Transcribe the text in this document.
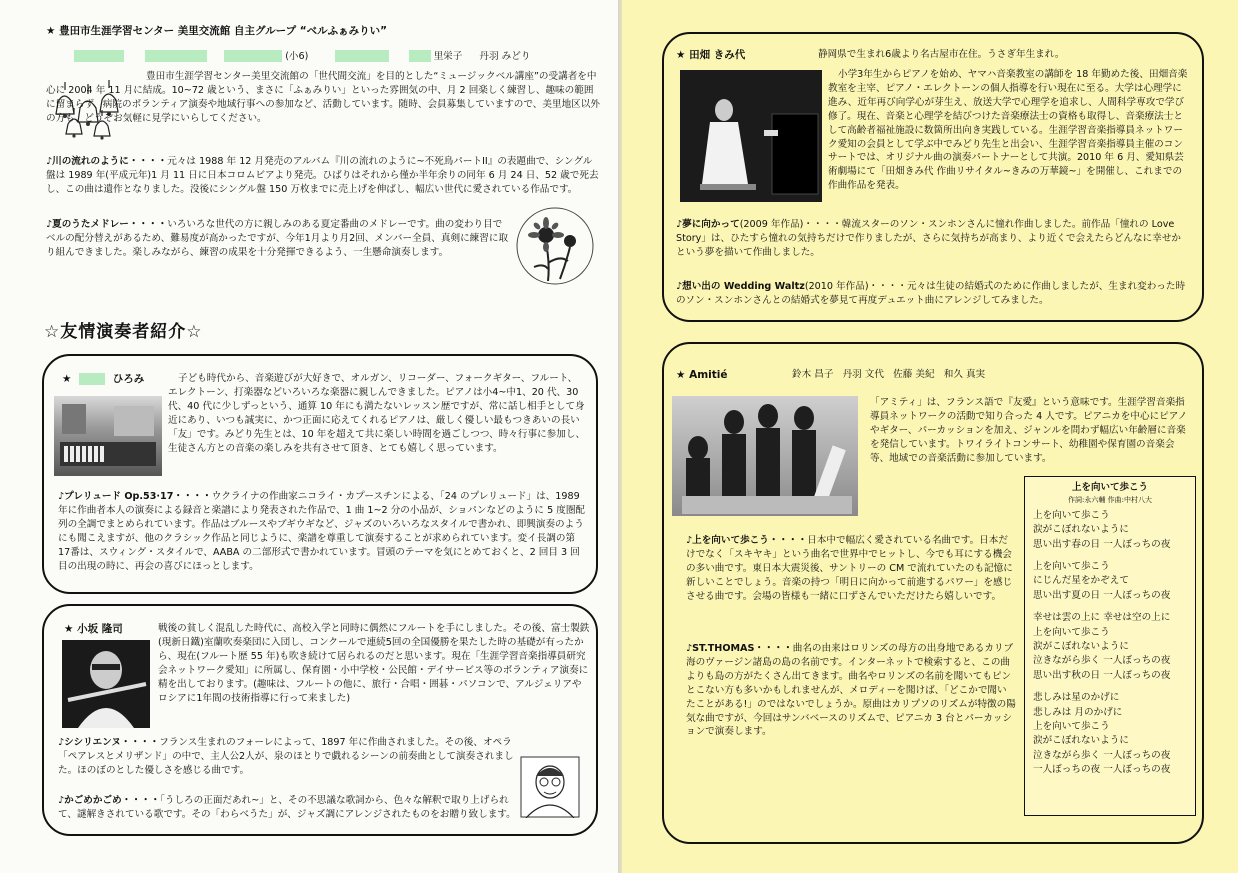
★ 豊田市生涯学習センター 美里交流館 自主グループ “ベルふぁみりい”
(小6)	里栄子 丹羽 みどり
豊田市生涯学習センター美里交流館の「世代間交流」を目的とした“ミュージックベル講座”の受講者を中心に 2004 年 11 月に結成。10~72 歳という、まさに「ふぁみりい」といった雰囲気の中、月 2 回楽しく練習し、趣味の範囲に留まらず、病院のボランティア演奏や地域行事への参加など、活動しています。随時、会員募集していますので、美里地区以外の方も、どうぞお気軽に見学にいらしてください。
♪川の流れのように・・・・元々は 1988 年 12 月発売のアルバム『川の流れのように~不死鳥パートII』の表題曲で、シングル盤は 1989 年(平成元年)1 月 11 日に日本コロムビアより発売。ひばりはそれから僅か半年余りの同年 6 月 24 日、52 歳で死去し、この曲は遺作となりました。没後にシングル盤 150 万枚までに売上げを伸ばし、幅広い世代に愛されている作品です。
♪夏のうたメドレー・・・・いろいろな世代の方に親しみのある夏定番曲のメドレーです。曲の変わり目でベルの配分替えがあるため、難易度が高かったですが、今年1月より月2回、メンバー全員、真剣に練習に取り組んできました。楽しみながら、練習の成果を十分発揮できるよう、一生懸命演奏します。
☆友情演奏者紹介☆
★	ひろみ	子ども時代から、音楽遊びが大好きで、オルガン、リコーダー、フォークギター、フルート、エレクトーン、打楽器などいろいろな楽器に親しんできました。ピアノは小4~中1、20 代、30 代、40 代に少しずっという、通算 10 年にも満たないレッスン歴ですが、常に話し相手として身近にあり、いつも誠実に、かつ正面に応えてくれるピアノは、厳しく優しい最もつきあいの長い「友」です。みどり先生とは、10 年を超えて共に楽しい時間を過ごしつつ、時々行事に参加し、生徒さん方との音楽の楽しみを共有させて頂き、とても嬉しく思っています。
♪プレリュード Op.53·17・・・・ウクライナの作曲家ニコライ・カプースチンによる、「24 のプレリュード」は、1989 年に作曲者本人の演奏による録音と楽譜により発表された作品で、1 曲 1~2 分の小品が、ショパンなどのように 5 度圏配列の全調でまとめられています。作品はブルースやブギウギなど、ジャズのいろいろなスタイルで書かれ、即興演奏のようにも聞こえますが、他のクラシック作品と同じように、楽譜を尊重して演奏することが求められています。変イ長調の第17番は、スウィング・スタイルで、AABA の二部形式で書かれています。冒頭のテーマを気にとめておくと、2 回目 3 回目の出現の時に、再会の喜びにほっとします。
★ 小坂 隆司	戦後の貧しく混乱した時代に、高校入学と同時に偶然にフルートを手にしました。その後、富士製鉄(現新日鐵)室蘭吹奏楽団に入団し、コンクールで連続5回の全国優勝を果たした時の基礎が有ったから、現在(フルート歴 55 年)も吹き続けて居られるのだと思います。現在「生涯学習音楽指導員研究会ネットワーク愛知」に所属し、保育園・小中学校・公民館・デイサービス等のボランティア演奏に精を出しております。(趣味は、フルートの他に、旅行・合唱・囲碁・パソコンで、アルジェリアやロシアに1年間の技術指導に行って来ました)
♪シシリエンヌ・・・・フランス生まれのフォーレによって、1897 年に作曲されました。その後、オペラ「ペアレスとメリザンド」の中で、主人公2人が、泉のほとりで戯れるシーンの前奏曲として演奏されました。ほのぼのとした優しさを感じる曲です。
♪かごめかごめ・・・・「うしろの正面だあれ~」と、その不思議な歌詞から、色々な解釈で取り上げられて、謎解きされている歌です。その「わらべうた」が、ジャズ調にアレンジされたものをお贈り致します。
★ 田畑 きみ代	静岡県で生まれ6歳より名古屋市在住。うさぎ年生まれ。
小学3年生からピアノを始め、ヤマハ音楽教室の講師を 18 年勤めた後、田畑音楽教室を主宰、ピアノ・エレクトーンの個人指導を行い現在に至る。大学は心理学に進み、近年再び向学心が芽生え、放送大学で心理学を追求し、人間科学専攻で学び修了。現在、音楽と心理学を結びつけた音楽療法士の資格も取得し、音楽療法士として高齢者福祉施設に数箇所出向き実践している。生涯学習音楽指導員ネットワーク愛知の会員として学ぶ中でみどり先生と出会い、生涯学習音楽指導員主催のコンサートでは、オリジナル曲の演奏パートナーとして共演。2010 年 6 月、愛知県芸術劇場にて「田畑きみ代 作曲リサイタル~きみの万華鏡~」を開催し、これまでの作曲作品を発表。
♪夢に向かって(2009 年作品)・・・・韓流スターのソン・スンホンさんに憧れ作曲しました。前作品「憧れの Love Story」は、ひたすら憧れの気持ちだけで作りましたが、さらに気持ちが高まり、より近くで会えたらどんなに幸せかという夢を描いて作曲しました。
♪想い出の Wedding Waltz(2010 年作品)・・・・元々は生徒の結婚式のために作曲しましたが、生まれ変わった時のソン・スンホンさんとの結婚式を夢見て再度デュエット曲にアレンジしてみました。
★ Amitié	鈴木 昌子   丹羽 文代   佐藤 美紀   和久 真実
「アミティ」は、フランス語で『友愛』という意味です。生涯学習音楽指導員ネットワークの活動で知り合った 4 人です。ピアニカを中心にピアノやギター、パーカッションを加え、ジャンルを問わず幅広い年齢層に音楽を発信しています。トワイライトコンサート、幼稚園や保育園の音楽会等、地域での音楽活動に参加しています。
上を向いて歩こう
作詞:永六輔 作曲:中村八大
上を向いて歩こう
涙がこぼれないように
思い出す春の日 一人ぼっちの夜
上を向いて歩こう
にじんだ星をかぞえて
思い出す夏の日 一人ぼっちの夜
幸せは雲の上に 幸せは空の上に
上を向いて歩こう
涙がこぼれないように
泣きながら歩く 一人ぼっちの夜
思い出す秋の日 一人ぼっちの夜
悲しみは星のかげに
悲しみは 月のかげに
上を向いて歩こう
涙がこぼれないように
泣きながら歩く 一人ぼっちの夜
一人ぼっちの夜 一人ぼっちの夜
♪上を向いて歩こう・・・・日本中で幅広く愛されている名曲です。日本だけでなく「スキヤキ」という曲名で世界中でヒットし、今でも耳にする機会の多い曲です。東日本大震災後、サントリーの CM で流れていたのも記憶に新しいことでしょう。音楽の持つ「明日に向かって前進するパワー」を感じさせる曲です。会場の皆様も一緒に口ずさんでいただけたら嬉しいです。
♪ST.THOMAS・・・・曲名の由来はロリンズの母方の出身地であるカリブ海のヴァージン諸島の島の名前です。インターネットで検索すると、この曲よりも島の方がたくさん出てきます。曲名やロリンズの名前を聞いてもピンとこない方も多いかもしれませんが、メロディーを聞けば、「どこかで聞いたことがある!」のではないでしょうか。原曲はカリプソのリズムが特徴の陽気な曲ですが、今回はサンバベースのリズムで、ピアニカ 3 台とパーカッションで演奏します。
